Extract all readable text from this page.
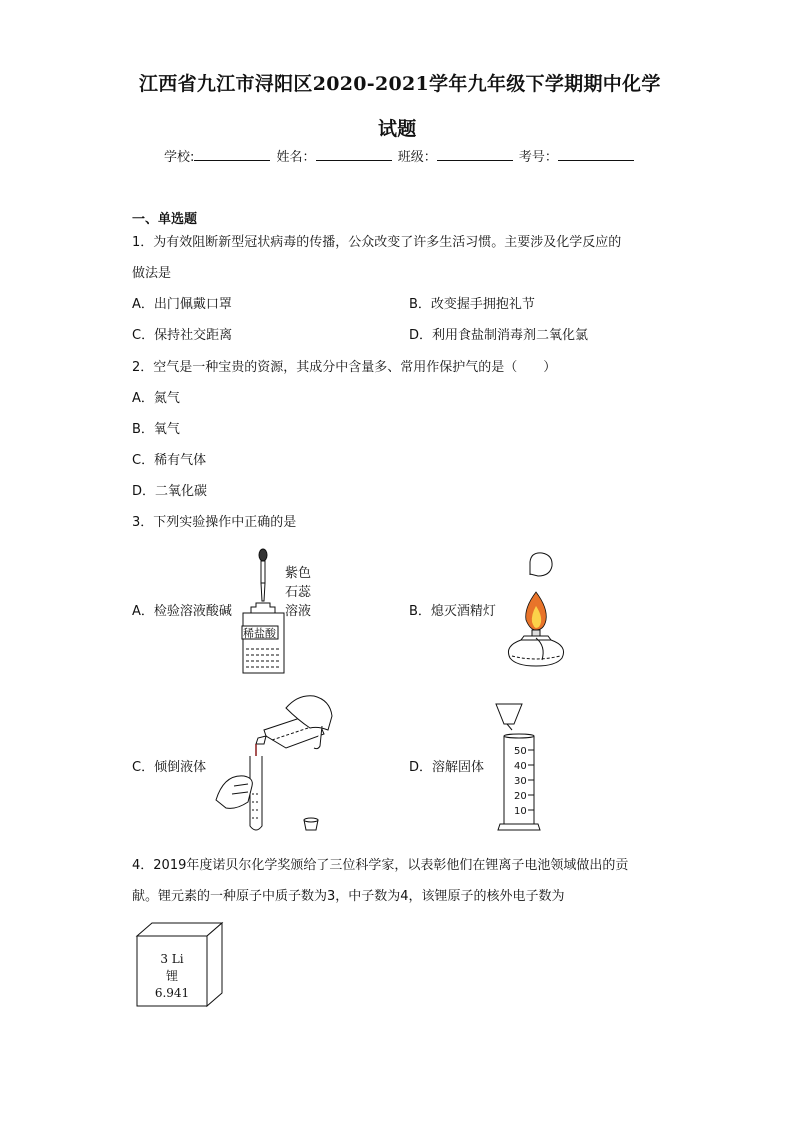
江西省九江市浔阳区2020-2021学年九年级下学期期中化学
试题
学校:	姓名：	班级：	考号：
一、单选题
1．为有效阻断新型冠状病毒的传播，公众改变了许多生活习惯。主要涉及化学反应的
做法是
A．出门佩戴口罩	B．改变握手拥抱礼节
C．保持社交距离	D．利用食盐制消毒剂二氧化氯
2．空气是一种宝贵的资源，其成分中含量多、常用作保护气的是（　　）
A．氮气
B．氧气
C．稀有气体
D．二氧化碳
3．下列实验操作中正确的是
A．检验溶液酸碱	B．熄灭酒精灯
C．倾倒液体	D．溶解固体
稀盐酸
紫色
石蕊
溶液
50
40
30
20
10
4．2019年度诺贝尔化学奖颁给了三位科学家，以表彰他们在锂离子电池领域做出的贡
献。锂元素的一种原子中质子数为3，中子数为4，该锂原子的核外电子数为
3 Li
锂
6.941
